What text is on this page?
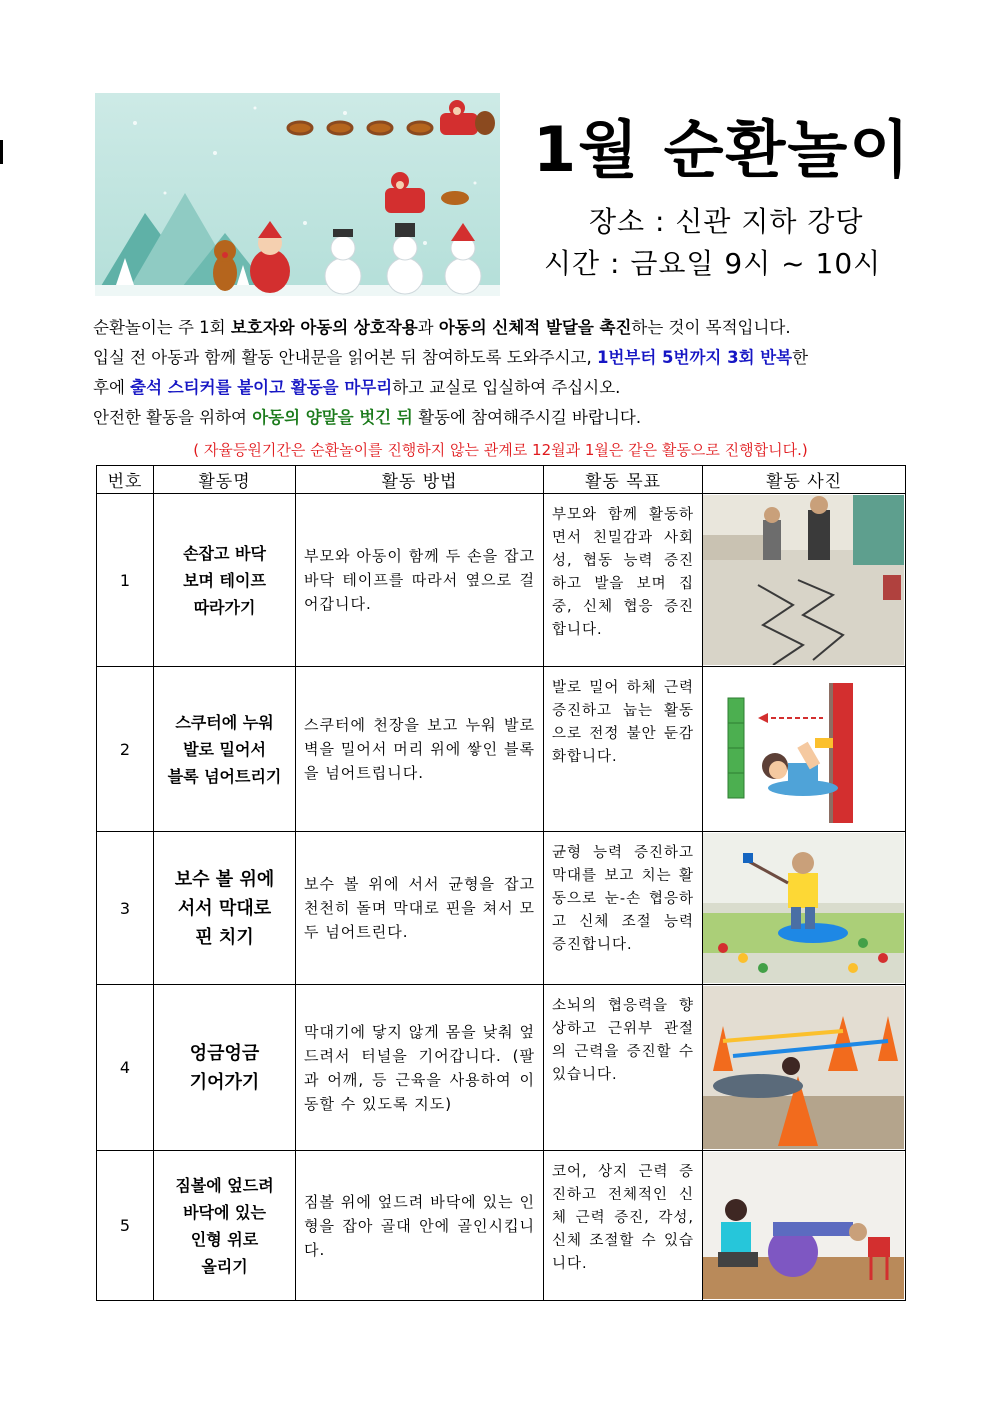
1월 순환놀이
장소 : 신관 지하 강당
시간 : 금요일 9시 ~ 10시

순환놀이는 주 1회 보호자와 아동의 상호작용과 아동의 신체적 발달을 촉진하는 것이 목적입니다.

입실 전 아동과 함께 활동 안내문을 읽어본 뒤 참여하도록 도와주시고, 1번부터 5번까지 3회 반복한

후에 출석 스티커를 붙이고 활동을 마무리하고 교실로 입실하여 주십시오.

안전한 활동을 위하여 아동의 양말을 벗긴 뒤 활동에 참여해주시길 바랍니다.

( 자율등원기간은 순환놀이를 진행하지 않는 관계로 12월과 1월은 같은 활동으로 진행합니다.)

번호	활동명	활동 방법	활동 목표	활동 사진
1	손잡고 바닥
보며 테이프
따라가기	부모와 아동이 함께 두 손을 잡고 바닥 테이프를 따라서 옆으로 걸어갑니다.	부모와 함께 활동하면서 친밀감과 사회성, 협동 능력 증진하고 발을 보며 집중, 신체 협응 증진합니다.

2	스쿠터에 누워
발로 밀어서
블록 넘어트리기	스쿠터에 천장을 보고 누워 발로 벽을 밀어서 머리 위에 쌓인 블록을 넘어트립니다.	발로 밀어 하체 근력 증진하고 눕는 활동으로 전정 불안 둔감화합니다.

3	보수 볼 위에
서서 막대로
핀 치기	보수 볼 위에 서서 균형을 잡고 천천히 돌며 막대로 핀을 쳐서 모두 넘어트린다.	균형 능력 증진하고 막대를 보고 치는 활동으로 눈-손 협응하고 신체 조절 능력 증진합니다.

4	엉금엉금
기어가기	막대기에 닿지 않게 몸을 낮춰 엎드려서 터널을 기어갑니다. (팔과 어깨, 등 근육을 사용하여 이동할 수 있도록 지도)	소뇌의 협응력을 향상하고 근위부 관절의 근력을 증진할 수 있습니다.

5	짐볼에 엎드려
바닥에 있는
인형 위로
올리기	짐볼 위에 엎드려 바닥에 있는 인형을 잡아 골대 안에 골인시킵니다.	코어, 상지 근력 증진하고 전체적인 신체 근력 증진, 각성, 신체 조절할 수 있습니다.
